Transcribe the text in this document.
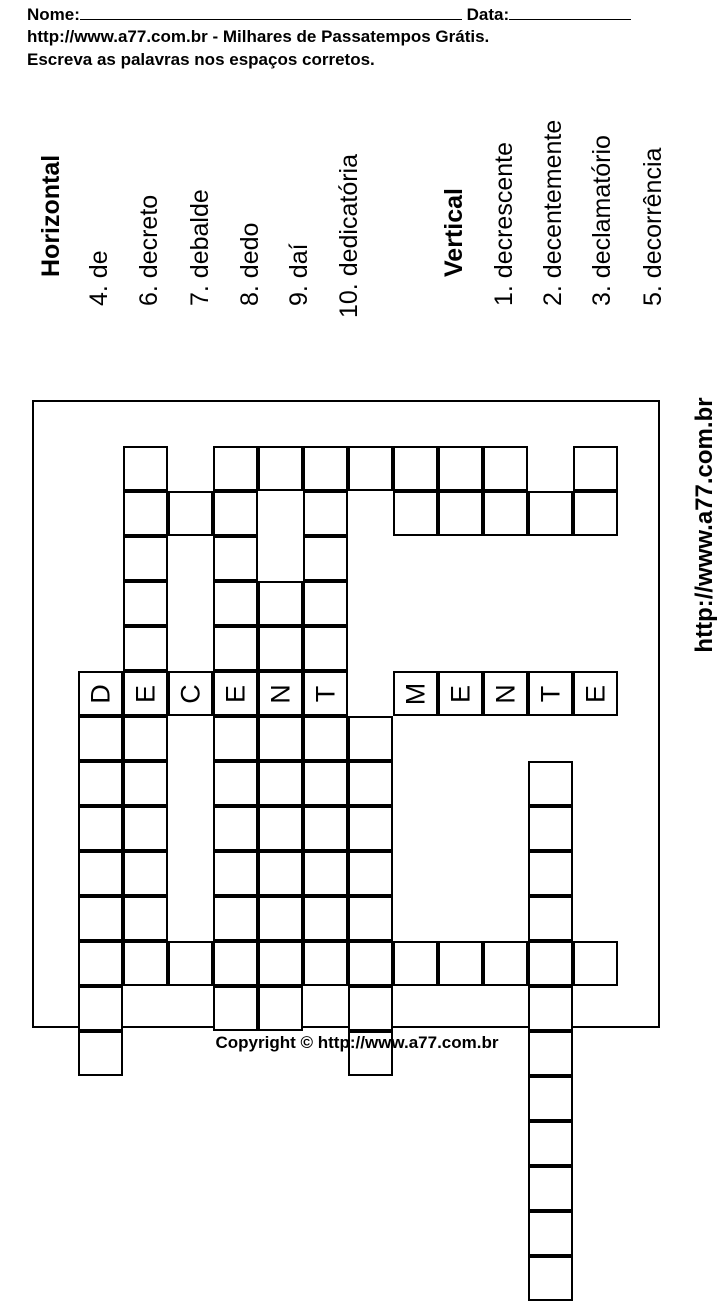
Nome:	Data:
http://www.a77.com.br - Milhares de Passatempos Grátis.
Escreva as palavras nos espaços corretos.
Horizontal
4. de 6. decreto 7. debalde 8. dedo 9. daí 10. dedicatória	Vertical 1. decrescente 2. decentemente 3. declamatório 5. decorrência
E	T
D	E N
C	M E N T E
http://www.a77.com.br
Copyright © http://www.a77.com.br
